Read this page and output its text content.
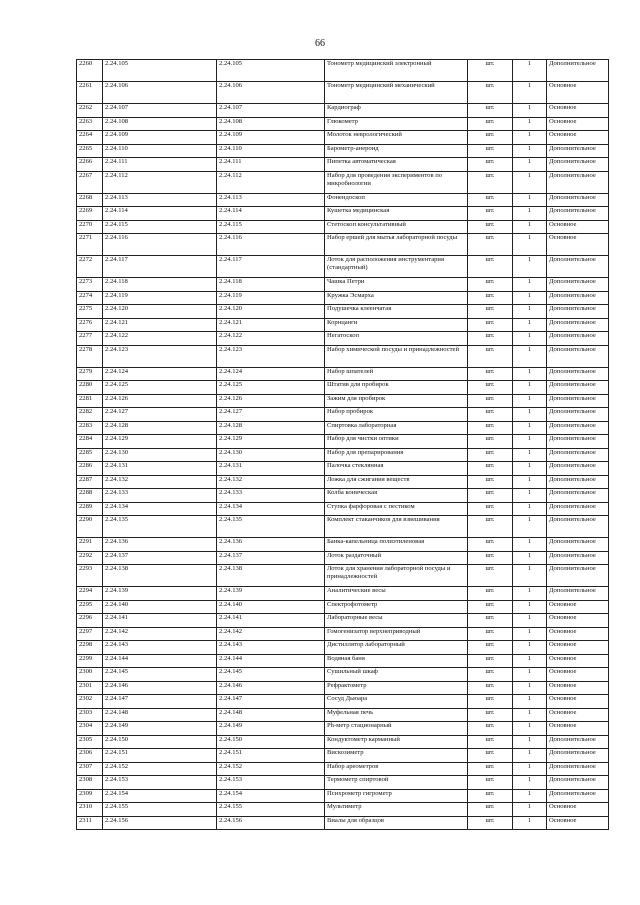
66
2260	2.24.105	2.24.105	Тонометр медицинский электронный	шт.	1	Дополнительное
2261	2.24.106	2.24.106	Тонометр медицинский механический	шт.	1	Основное
2262	2.24.107	2.24.107	Кардиограф	шт.	1	Основное
2263	2.24.108	2.24.108	Глюкометр	шт.	1	Основное
2264	2.24.109	2.24.109	Молоток неврологический	шт.	1	Основное
2265	2.24.110	2.24.110	Барометр-анероид	шт.	1	Дополнительное
2266	2.24.111	2.24.111	Пипетка автоматическая	шт.	1	Дополнительное
2267	2.24.112	2.24.112	Набор для проведения экспериментов по микробиологии	шт.	1	Дополнительное
2268	2.24.113	2.24.113	Фонендоскоп	шт.	1	Дополнительное
2269	2.24.114	2.24.114	Кушетка медицинская	шт.	1	Дополнительное
2270	2.24.115	2.24.115	Стетоскоп консультативный	шт.	1	Основное
2271	2.24.116	2.24.116	Набор ершей для мытья лабораторной посуды	шт.	1	Основное
2272	2.24.117	2.24.117	Лоток для расположения инструментария (стандартный)	шт.	1	Дополнительное
2273	2.24.118	2.24.118	Чашка Петри	шт.	1	Дополнительное
2274	2.24.119	2.24.119	Кружка Эсмарха	шт.	1	Дополнительное
2275	2.24.120	2.24.120	Подушечка клеенчатая	шт.	1	Дополнительное
2276	2.24.121	2.24.121	Корнцанги	шт.	1	Дополнительное
2277	2.24.122	2.24.122	Негатоскоп	шт.	1	Дополнительное
2278	2.24.123	2.24.123	Набор химической посуды и принадлежностей	шт.	1	Дополнительное
2279	2.24.124	2.24.124	Набор шпателей	шт.	1	Дополнительное
2280	2.24.125	2.24.125	Штатив для пробирок	шт.	1	Дополнительное
2281	2.24.126	2.24.126	Зажим для пробирок	шт.	1	Дополнительное
2282	2.24.127	2.24.127	Набор пробирок	шт.	1	Дополнительное
2283	2.24.128	2.24.128	Спиртовка лабораторная	шт.	1	Дополнительное
2284	2.24.129	2.24.129	Набор для чистки оптики	шт.	1	Дополнительное
2285	2.24.130	2.24.130	Набор для препарирования	шт.	1	Дополнительное
2286	2.24.131	2.24.131	Палочка стеклянная	шт.	1	Дополнительное
2287	2.24.132	2.24.132	Ложка для сжигания веществ	шт.	1	Дополнительное
2288	2.24.133	2.24.133	Колба коническая	шт.	1	Дополнительное
2289	2.24.134	2.24.134	Ступка фарфоровая с пестиком	шт.	1	Дополнительное
2290	2.24.135	2.24.135	Комплект стаканчиков для взвешивания	шт.	1	Дополнительное
2291	2.24.136	2.24.136	Банка-капельница полиэтиленовая	шт.	1	Дополнительное
2292	2.24.137	2.24.137	Лоток раздаточный	шт.	1	Дополнительное
2293	2.24.138	2.24.138	Лоток для хранения лабораторной посуды и принадлежностей	шт.	1	Дополнительное
2294	2.24.139	2.24.139	Аналитические весы	шт.	1	Дополнительное
2295	2.24.140	2.24.140	Спектрофотометр	шт.	1	Основное
2296	2.24.141	2.24.141	Лабораторные весы	шт.	1	Основное
2297	2.24.142	2.24.142	Гомогенизатор верхнеприводный	шт.	1	Основное
2298	2.24.143	2.24.143	Дистиллятор лабораторный	шт.	1	Основное
2299	2.24.144	2.24.144	Водяная баня	шт.	1	Основное
2300	2.24.145	2.24.145	Сушильный шкаф	шт.	1	Основное
2301	2.24.146	2.24.146	Рефрактометр	шт.	1	Основное
2302	2.24.147	2.24.147	Сосуд Дьюара	шт.	1	Основное
2303	2.24.148	2.24.148	Муфельная печь	шт.	1	Основное
2304	2.24.149	2.24.149	Ph-метр стационарный	шт.	1	Основное
2305	2.24.150	2.24.150	Кондуктометр карманный	шт.	1	Дополнительное
2306	2.24.151	2.24.151	Вискозиметр	шт.	1	Дополнительное
2307	2.24.152	2.24.152	Набор ареометров	шт.	1	Дополнительное
2308	2.24.153	2.24.153	Термометр спиртовой	шт.	1	Дополнительное
2309	2.24.154	2.24.154	Психрометр гигрометр	шт.	1	Дополнительное
2310	2.24.155	2.24.155	Мультиметр	шт.	1	Основное
2311	2.24.156	2.24.156	Виалы для образцов	шт.	1	Основное
